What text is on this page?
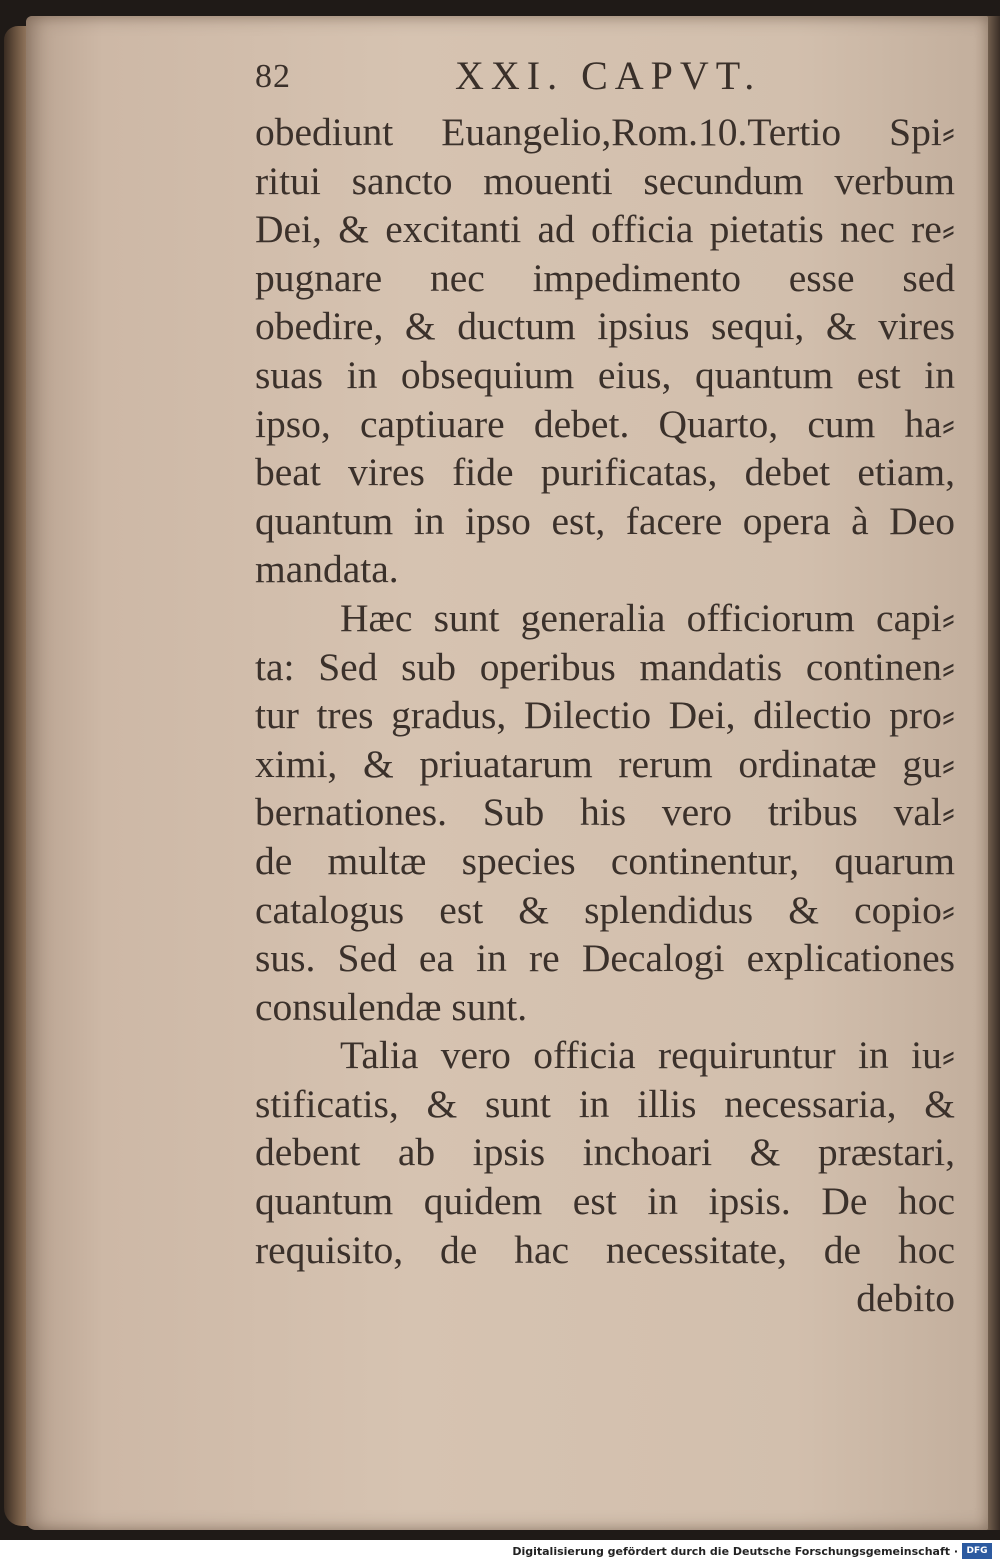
82	XXI. CAPVT.
obediunt Euangelio,Rom.10.Tertio Spi⸗
ritui sancto mouenti secundum verbum
Dei, & excitanti ad officia pietatis nec re⸗
pugnare nec impedimento esse sed
obedire, & ductum ipsius sequi, & vires
suas in obsequium eius, quantum est in
ipso, captiuare debet. Quarto, cum ha⸗
beat vires fide purificatas, debet etiam,
quantum in ipso est, facere opera à Deo
mandata.
Hæc sunt generalia officiorum capi⸗
ta: Sed sub operibus mandatis continen⸗
tur tres gradus, Dilectio Dei, dilectio pro⸗
ximi, & priuatarum rerum ordinatæ gu⸗
bernationes. Sub his vero tribus val⸗
de multæ species continentur, quarum
catalogus est & splendidus & copio⸗
sus. Sed ea in re Decalogi explicationes
consulendæ sunt.
Talia vero officia requiruntur in iu⸗
stificatis, & sunt in illis necessaria, &
debent ab ipsis inchoari & præstari,
quantum quidem est in ipsis. De hoc
requisito, de hac necessitate, de hoc
debito
Digitalisierung gefördert durch die Deutsche Forschungsgemeinschaft · DFG
